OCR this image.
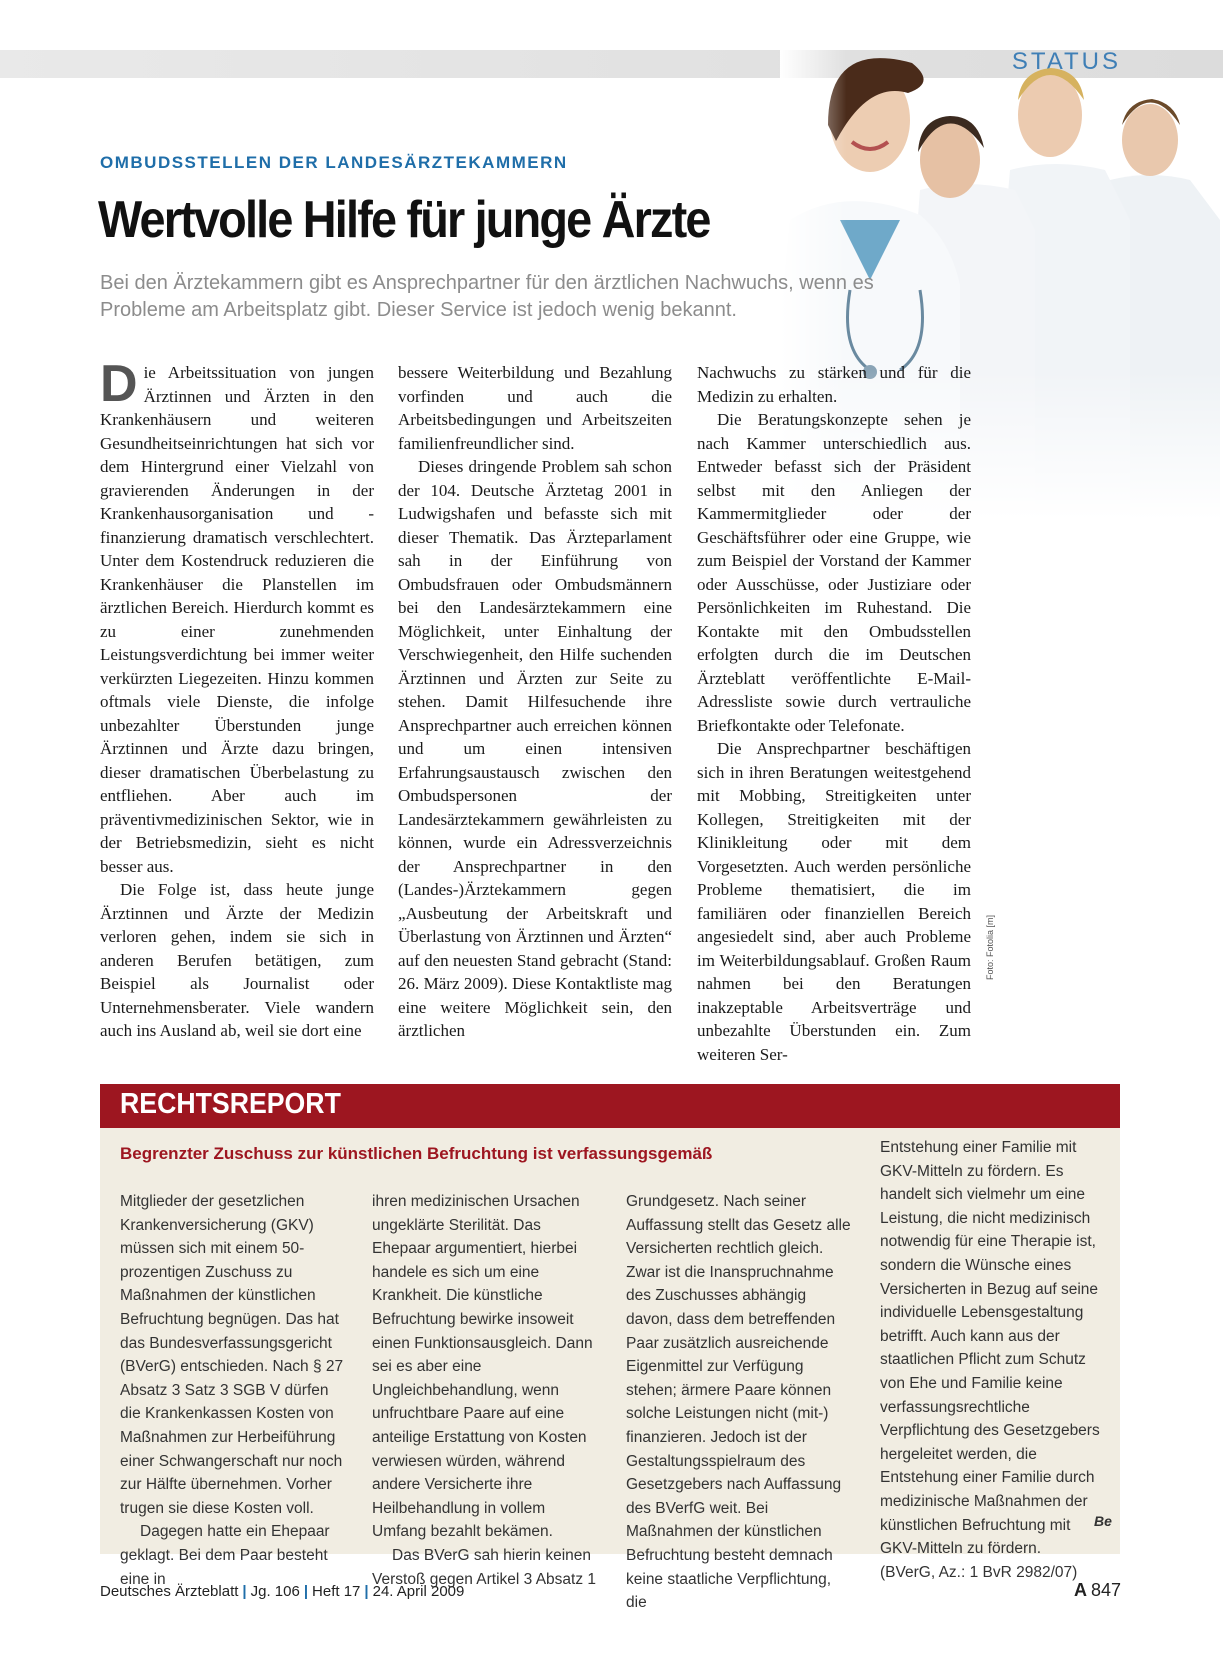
OMBUDSSTELLEN DER LANDESÄRZTEKAMMERN
Wertvolle Hilfe für junge Ärzte
Bei den Ärztekammern gibt es Ansprechpartner für den ärztlichen Nachwuchs, wenn es Probleme am Arbeitsplatz gibt. Dieser Service ist jedoch wenig bekannt.
D ie Arbeitssituation von jungen Ärztinnen und Ärzten in den Krankenhäusern und weiteren Gesundheitseinrichtungen hat sich vor dem Hintergrund einer Vielzahl von gravierenden Änderungen in der Krankenhausorganisation und -finanzierung dramatisch verschlechtert. Unter dem Kostendruck reduzieren die Krankenhäuser die Planstellen im ärztlichen Bereich. Hierdurch kommt es zu einer zunehmenden Leistungsverdichtung bei immer weiter verkürzten Liegezeiten. Hinzu kommen oftmals viele Dienste, die infolge unbezahlter Überstunden junge Ärztinnen und Ärzte dazu bringen, dieser dramatischen Überbelastung zu entfliehen. Aber auch im präventivmedizinischen Sektor, wie in der Betriebsmedizin, sieht es nicht besser aus.

Die Folge ist, dass heute junge Ärztinnen und Ärzte der Medizin verloren gehen, indem sie sich in anderen Berufen betätigen, zum Beispiel als Journalist oder Unternehmensberater. Viele wandern auch ins Ausland ab, weil sie dort eine

bessere Weiterbildung und Bezahlung vorfinden und auch die Arbeitsbedingungen und Arbeitszeiten familienfreundlicher sind.

Dieses dringende Problem sah schon der 104. Deutsche Ärztetag 2001 in Ludwigshafen und befasste sich mit dieser Thematik. Das Ärzteparlament sah in der Einführung von Ombudsfrauen oder Ombudsmännern bei den Landesärztekammern eine Möglichkeit, unter Einhaltung der Verschwiegenheit, den Hilfe suchenden Ärztinnen und Ärzten zur Seite zu stehen. Damit Hilfesuchende ihre Ansprechpartner auch erreichen können und um einen intensiven Erfahrungsaustausch zwischen den Ombudspersonen der Landesärztekammern gewährleisten zu können, wurde ein Adressverzeichnis der Ansprechpartner in den (Landes-)Ärztekammern gegen „Ausbeutung der Arbeitskraft und Überlastung von Ärztinnen und Ärzten“ auf den neuesten Stand gebracht (Stand: 26. März 2009). Diese Kontaktliste mag eine weitere Möglichkeit sein, den ärztlichen

Nachwuchs zu stärken und für die Medizin zu erhalten.

Die Beratungskonzepte sehen je nach Kammer unterschiedlich aus. Entweder befasst sich der Präsident selbst mit den Anliegen der Kammermitglieder oder der Geschäftsführer oder eine Gruppe, wie zum Beispiel der Vorstand der Kammer oder Ausschüsse, oder Justiziare oder Persönlichkeiten im Ruhestand. Die Kontakte mit den Ombudsstellen erfolgten durch die im Deutschen Ärzteblatt veröffentlichte E-Mail-Adressliste sowie durch vertrauliche Briefkontakte oder Telefonate.

Die Ansprechpartner beschäftigen sich in ihren Beratungen weitestgehend mit Mobbing, Streitigkeiten unter Kollegen, Streitigkeiten mit der Klinikleitung oder mit dem Vorgesetzten. Auch werden persönliche Probleme thematisiert, die im familiären oder finanziellen Bereich angesiedelt sind, aber auch Probleme im Weiterbildungsablauf. Großen Raum nahmen bei den Beratungen inakzeptable Arbeitsverträge und unbezahlte Überstunden ein. Zum weiteren Ser-

Foto: Fotolia [m]
RECHTSREPORT
Begrenzter Zuschuss zur künstlichen Befruchtung ist verfassungsgemäß

Mitglieder der gesetzlichen Krankenversicherung (GKV) müssen sich mit einem 50-prozentigen Zuschuss zu Maßnahmen der künstlichen Befruchtung begnügen. Das hat das Bundesverfassungsgericht (BVerG) entschieden. Nach § 27 Absatz 3 Satz 3 SGB V dürfen die Krankenkassen Kosten von Maßnahmen zur Herbeiführung einer Schwangerschaft nur noch zur Hälfte übernehmen. Vorher trugen sie diese Kosten voll.

Dagegen hatte ein Ehepaar geklagt. Bei dem Paar besteht eine in

ihren medizinischen Ursachen ungeklärte Sterilität. Das Ehepaar argumentiert, hierbei handele es sich um eine Krankheit. Die künstliche Befruchtung bewirke insoweit einen Funktionsausgleich. Dann sei es aber eine Ungleichbehandlung, wenn unfruchtbare Paare auf eine anteilige Erstattung von Kosten verwiesen würden, während andere Versicherte ihre Heilbehandlung in vollem Umfang bezahlt bekämen.

Das BVerG sah hierin keinen Verstoß gegen Artikel 3 Absatz 1

Grundgesetz. Nach seiner Auffassung stellt das Gesetz alle Versicherten rechtlich gleich. Zwar ist die Inanspruchnahme des Zuschusses abhängig davon, dass dem betreffenden Paar zusätzlich ausreichende Eigenmittel zur Verfügung stehen; ärmere Paare können solche Leistungen nicht (mit-) finanzieren. Jedoch ist der Gestaltungsspielraum des Gesetzgebers nach Auffassung des BVerfG weit. Bei Maßnahmen der künstlichen Befruchtung besteht demnach keine staatliche Verpflichtung, die

Entstehung einer Familie mit GKV-Mitteln zu fördern. Es handelt sich vielmehr um eine Leistung, die nicht medizinisch notwendig für eine Therapie ist, sondern die Wünsche eines Versicherten in Bezug auf seine individuelle Lebensgestaltung betrifft. Auch kann aus der staatlichen Pflicht zum Schutz von Ehe und Familie keine verfassungsrechtliche Verpflichtung des Gesetzgebers hergeleitet werden, die Entstehung einer Familie durch medizinische Maßnahmen der künstlichen Befruchtung mit GKV-Mitteln zu fördern.

(BVerG, Az.: 1 BvR 2982/07)

Be
Deutsches Ärzteblatt | Jg. 106 | Heft 17 | 24. April 2009	A 847
